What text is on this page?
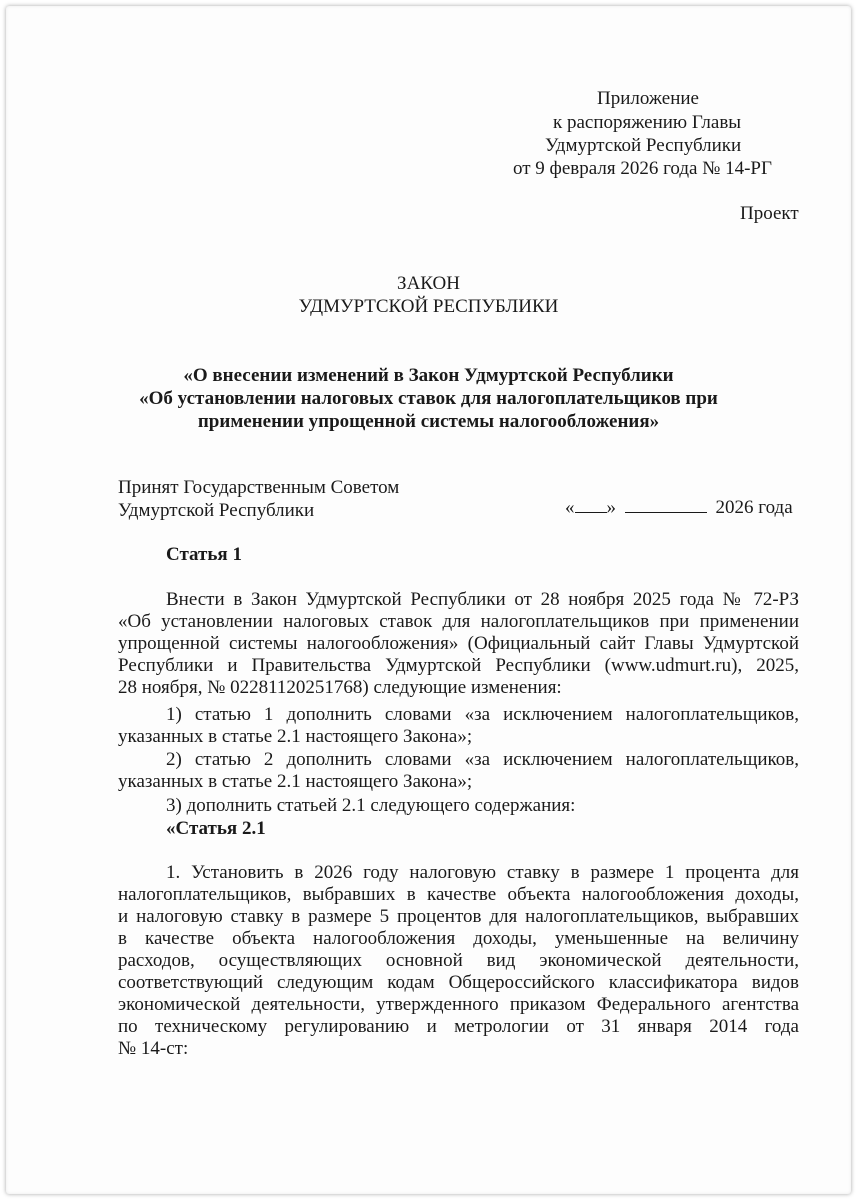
Приложение
к распоряжению Главы
Удмуртской Республики
от 9 февраля 2026 года № 14-РГ
Проект
ЗАКОН
УДМУРТСКОЙ РЕСПУБЛИКИ
«О внесении изменений в Закон Удмуртской Республики
«Об установлении налоговых ставок для налогоплательщиков при
применении упрощенной системы налогообложения»
Принят Государственным Советом
Удмуртской Республики	« »	2026 года
Статья 1
Внести в Закон Удмуртской Республики от 28 ноября 2025 года № 72-РЗ
«Об установлении налоговых ставок для налогоплательщиков при применении
упрощенной системы налогообложения» (Официальный сайт Главы Удмуртской
Республики и Правительства Удмуртской Республики (www.udmurt.ru), 2025,
28 ноября, № 02281120251768) следующие изменения:
1) статью 1 дополнить словами «за исключением налогоплательщиков,
указанных в статье 2.1 настоящего Закона»;
2) статью 2 дополнить словами «за исключением налогоплательщиков,
указанных в статье 2.1 настоящего Закона»;
3) дополнить статьей 2.1 следующего содержания:
«Статья 2.1
1. Установить в 2026 году налоговую ставку в размере 1 процента для
налогоплательщиков, выбравших в качестве объекта налогообложения доходы,
и налоговую ставку в размере 5 процентов для налогоплательщиков, выбравших
в качестве объекта налогообложения доходы, уменьшенные на величину
расходов, осуществляющих основной вид экономической деятельности,
соответствующий следующим кодам Общероссийского классификатора видов
экономической деятельности, утвержденного приказом Федерального агентства
по техническому регулированию и метрологии от 31 января 2014 года
№ 14-ст:
